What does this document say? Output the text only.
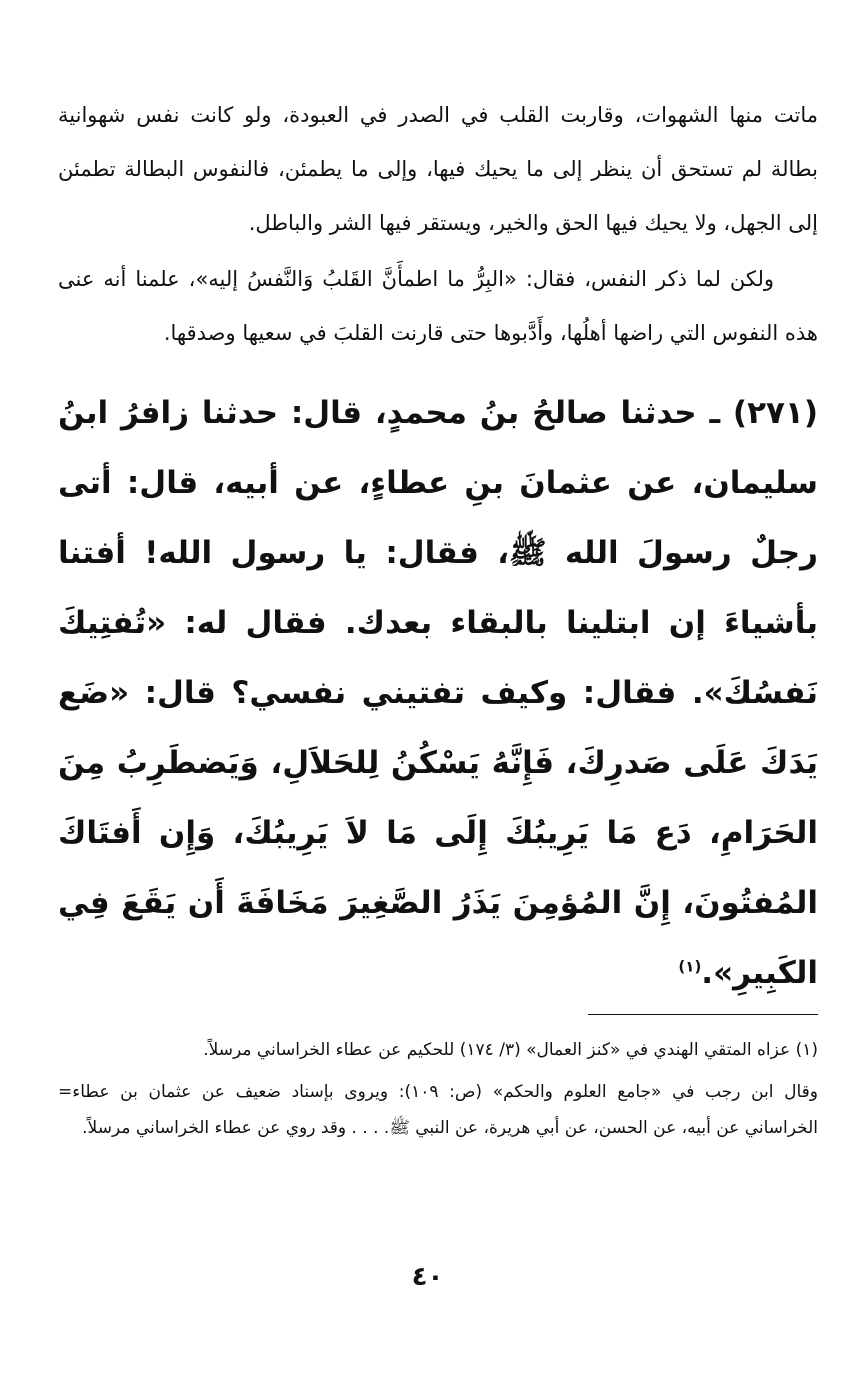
ماتت منها الشهوات، وقاربت القلب في الصدر في العبودة، ولو كانت نفس شهوانية بطالة لم تستحق أن ينظر إلى ما يحيك فيها، وإلى ما يطمئن، فالنفوس البطالة تطمئن إلى الجهل، ولا يحيك فيها الحق والخير، ويستقر فيها الشر والباطل.

ولكن لما ذكر النفس، فقال: «البِرُّ ما اطمأَنَّ القَلبُ وَالنَّفسُ إليه»، علمنا أنه عنى هذه النفوس التي راضها أهلُها، وأَدَّبوها حتى قارنت القلبَ في سعيها وصدقها.

(٢٧١) ـ حدثنا صالحُ بنُ محمدٍ، قال: حدثنا زافرُ ابنُ سليمان، عن عثمانَ بنِ عطاءٍ، عن أبيه، قال: أتى رجلٌ رسولَ الله ﷺ، فقال: يا رسول الله! أفتنا بأشياءَ إن ابتلينا بالبقاء بعدك. فقال له: «تُفتِيكَ نَفسُكَ». فقال: وكيف تفتيني نفسي؟ قال: «ضَع يَدَكَ عَلَى صَدرِكَ، فَإِنَّهُ يَسْكُنُ لِلحَلاَلِ، وَيَضطَرِبُ مِنَ الحَرَامِ، دَع مَا يَرِيبُكَ إِلَى مَا لاَ يَرِيبُكَ، وَإِن أَفتَاكَ المُفتُونَ، إِنَّ المُؤمِنَ يَذَرُ الصَّغِيرَ مَخَافَةَ أَن يَقَعَ فِي الكَبِيرِ».$^{(١)}$

(١) عزاه المتقي الهندي في «كنز العمال» (٣/ ١٧٤) للحكيم عن عطاء الخراساني مرسلاً.

= وقال ابن رجب في «جامع العلوم والحكم» (ص: ١٠٩): ويروى بإسناد ضعيف عن عثمان بن عطاء الخراساني عن أبيه، عن الحسن، عن أبي هريرة، عن النبي ﷺ. . . . وقد روي عن عطاء الخراساني مرسلاً.

٤٠
